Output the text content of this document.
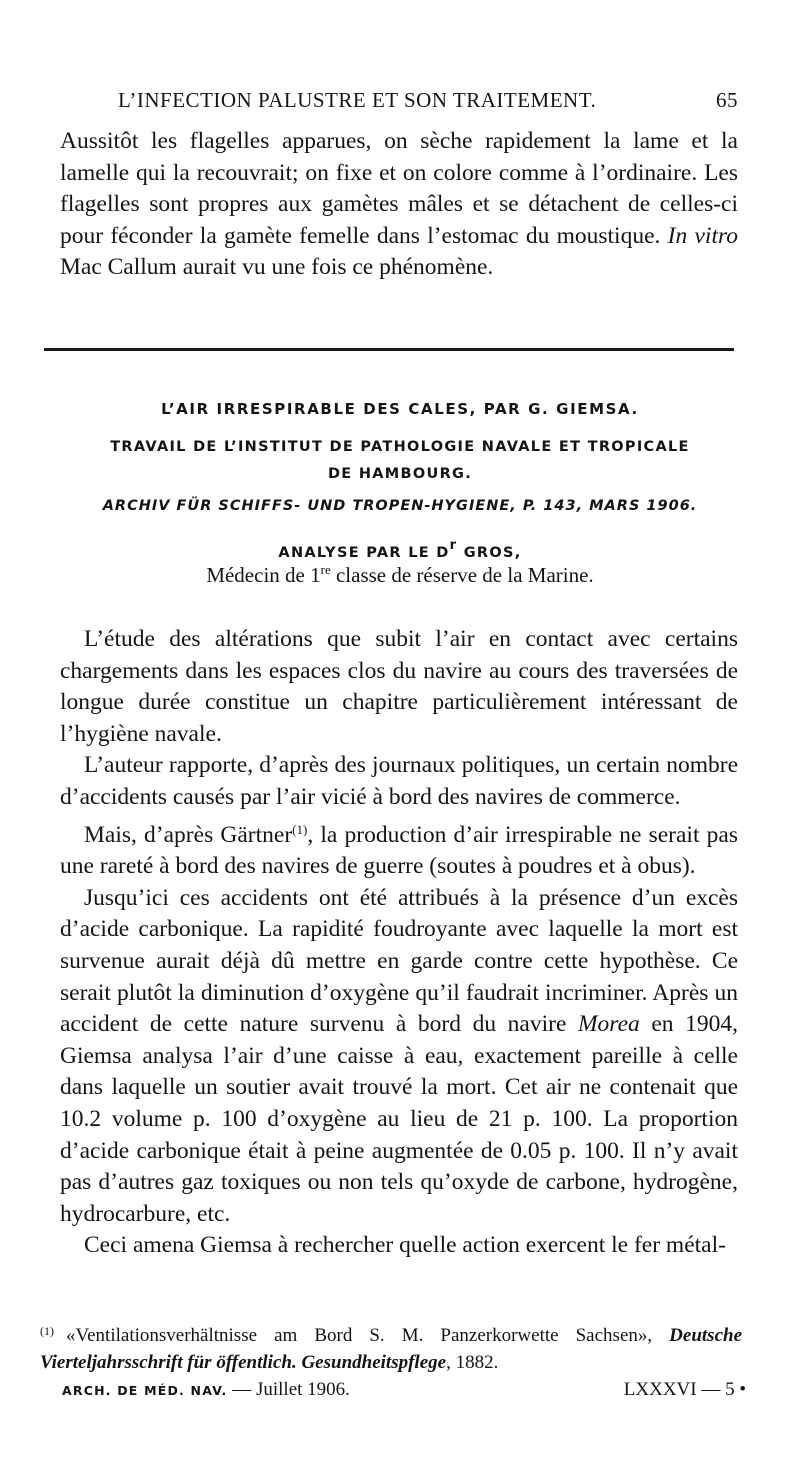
L’INFECTION PALUSTRE ET SON TRAITEMENT.	65

Aussitôt les flagelles apparues, on sèche rapidement la lame et la lamelle qui la recouvrait; on fixe et on colore comme à l’ordinaire. Les flagelles sont propres aux gamètes mâles et se détachent de celles-ci pour féconder la gamète femelle dans l’estomac du moustique. In vitro Mac Callum aurait vu une fois ce phénomène.

L’AIR IRRESPIRABLE DES CALES, PAR G. GIEMSA.
TRAVAIL DE L’INSTITUT DE PATHOLOGIE NAVALE ET TROPICALE
DE HAMBOURG.
ARCHIV FÜR SCHIFFS- UND TROPEN-HYGIENE, P. 143, MARS 1906.
ANALYSE PAR LE Dr GROS,
Médecin de 1re classe de réserve de la Marine.

L’étude des altérations que subit l’air en contact avec certains chargements dans les espaces clos du navire au cours des traversées de longue durée constitue un chapitre particulièrement intéressant de l’hygiène navale.

L’auteur rapporte, d’après des journaux politiques, un certain nombre d’accidents causés par l’air vicié à bord des navires de commerce.

Mais, d’après Gärtner$^{(1)}$, la production d’air irrespirable ne serait pas une rareté à bord des navires de guerre (soutes à poudres et à obus).

Jusqu’ici ces accidents ont été attribués à la présence d’un excès d’acide carbonique. La rapidité foudroyante avec laquelle la mort est survenue aurait déjà dû mettre en garde contre cette hypothèse. Ce serait plutôt la diminution d’oxygène qu’il faudrait incriminer. Après un accident de cette nature survenu à bord du navire Morea en 1904, Giemsa analysa l’air d’une caisse à eau, exactement pareille à celle dans laquelle un soutier avait trouvé la mort. Cet air ne contenait que 10.2 volume p. 100 d’oxygène au lieu de 21 p. 100. La proportion d’acide carbonique était à peine augmentée de 0.05 p. 100. Il n’y avait pas d’autres gaz toxiques ou non tels qu’oxyde de carbone, hydrogène, hydrocarbure, etc.

Ceci amena Giemsa à rechercher quelle action exercent le fer métal-

$^{(1)}$ «Ventilationsverhältnisse am Bord S. M. Panzerkorwette Sachsen», Deutsche Vierteljahrsschrift für öffentlich. Gesundheitspflege, 1882.

ARCH. DE MÉD. NAV. — Juillet 1906.	LXXXVI — 5 •
